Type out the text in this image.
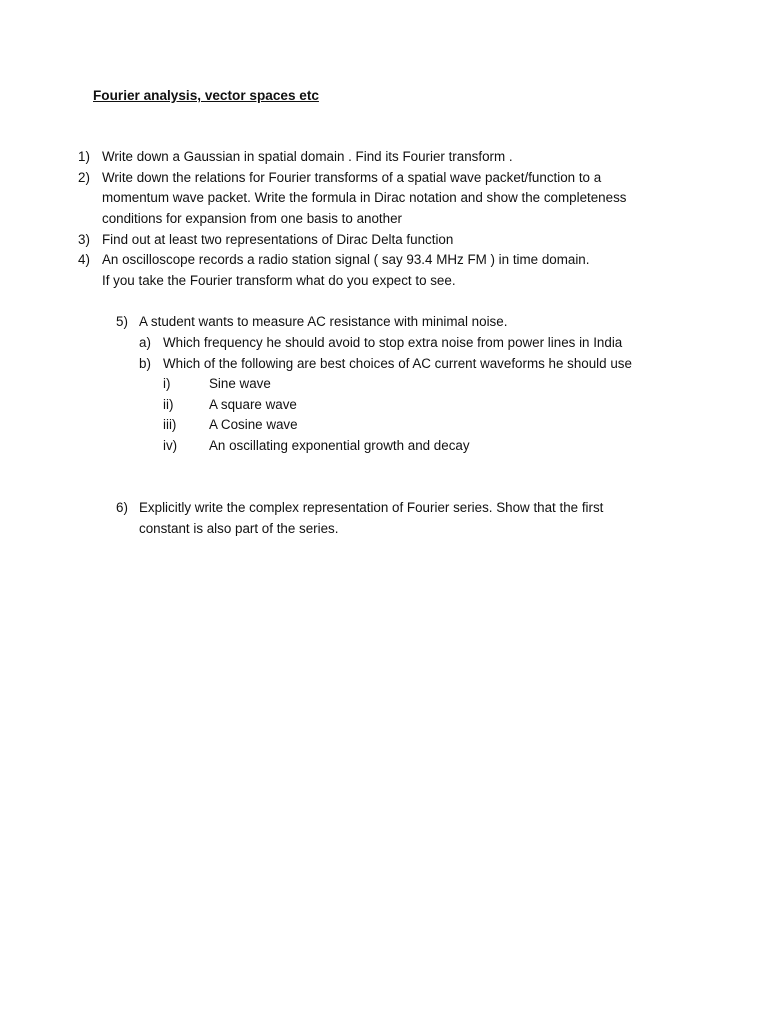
Fourier analysis, vector spaces etc
1) Write down a Gaussian in spatial domain . Find its Fourier transform .
2) Write down the relations for Fourier transforms of a spatial wave packet/function to a
momentum wave packet. Write the formula in Dirac notation and show the completeness
conditions for expansion from one basis to another
3) Find out at least two representations of Dirac Delta function
4) An oscilloscope records a radio station signal ( say 93.4 MHz FM ) in time domain.
If you take the Fourier transform what do you expect to see.
5) A student wants to measure AC resistance with minimal noise.
a) Which frequency he should avoid to stop extra noise from power lines in India
b) Which of the following are best choices of AC current waveforms he should use
i)	Sine wave
ii)	A square wave
iii) A Cosine wave
iv) An oscillating exponential growth and decay
6) Explicitly write the complex representation of Fourier series. Show that the first
constant is also part of the series.
